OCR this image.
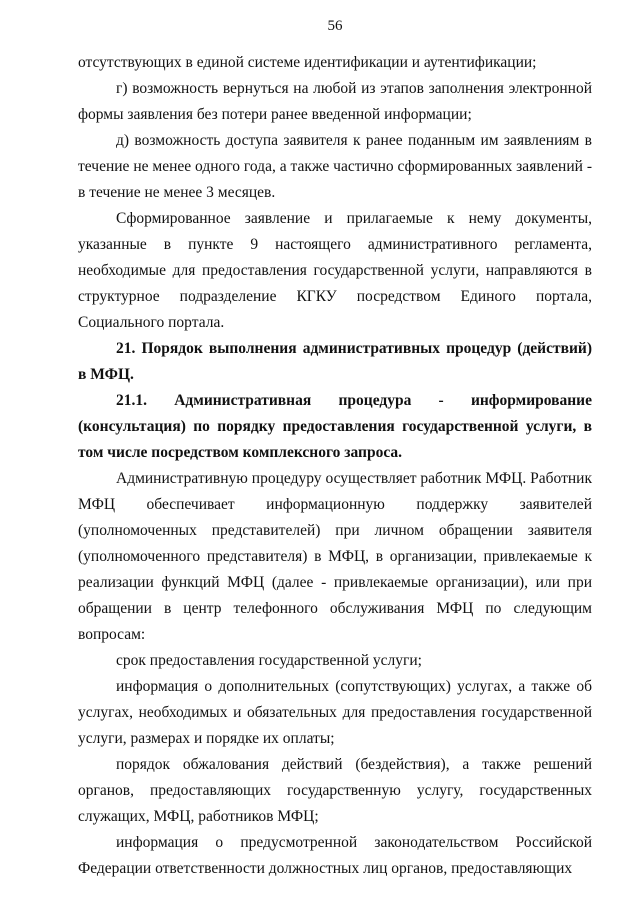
56

отсутствующих в единой системе идентификации и аутентификации;

г) возможность вернуться на любой из этапов заполнения электронной формы заявления без потери ранее введенной информации;

д) возможность доступа заявителя к ранее поданным им заявлениям в течение не менее одного года, а также частично сформированных заявлений - в течение не менее 3 месяцев.

Сформированное заявление и прилагаемые к нему документы, указанные в пункте 9 настоящего административного регламента, необходимые для предоставления государственной услуги, направляются в структурное подразделение КГКУ посредством Единого портала, Социального портала.

21. Порядок выполнения административных процедур (действий) в МФЦ.

21.1. Административная процедура - информирование (консультация) по порядку предоставления государственной услуги, в том числе посредством комплексного запроса.

Административную процедуру осуществляет работник МФЦ. Работник МФЦ обеспечивает информационную поддержку заявителей (уполномоченных представителей) при личном обращении заявителя (уполномоченного представителя) в МФЦ, в организации, привлекаемые к реализации функций МФЦ (далее - привлекаемые организации), или при обращении в центр телефонного обслуживания МФЦ по следующим вопросам:

срок предоставления государственной услуги;

информация о дополнительных (сопутствующих) услугах, а также об услугах, необходимых и обязательных для предоставления государственной услуги, размерах и порядке их оплаты;

порядок обжалования действий (бездействия), а также решений органов, предоставляющих государственную услугу, государственных служащих, МФЦ, работников МФЦ;

информация о предусмотренной законодательством Российской Федерации ответственности должностных лиц органов, предоставляющих
